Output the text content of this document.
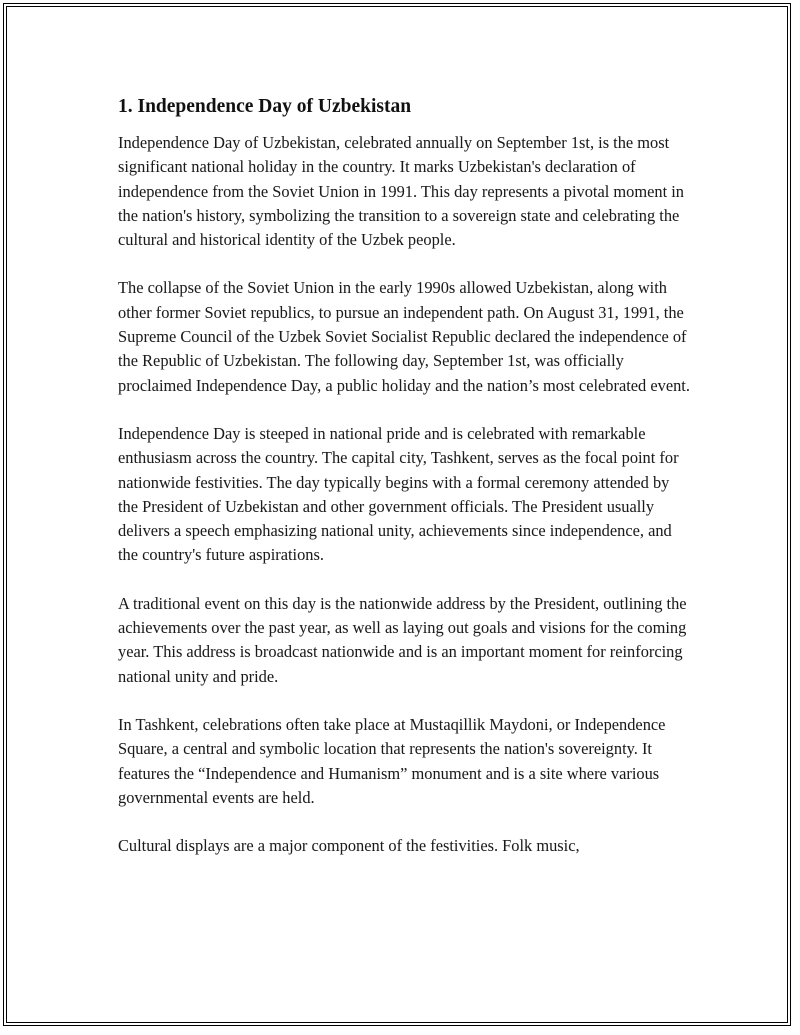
1. Independence Day of Uzbekistan

Independence Day of Uzbekistan, celebrated annually on September 1st, is the most significant national holiday in the country. It marks Uzbekistan's declaration of independence from the Soviet Union in 1991. This day represents a pivotal moment in the nation's history, symbolizing the transition to a sovereign state and celebrating the cultural and historical identity of the Uzbek people.

The collapse of the Soviet Union in the early 1990s allowed Uzbekistan, along with other former Soviet republics, to pursue an independent path. On August 31, 1991, the Supreme Council of the Uzbek Soviet Socialist Republic declared the independence of the Republic of Uzbekistan. The following day, September 1st, was officially proclaimed Independence Day, a public holiday and the nation’s most celebrated event.

Independence Day is steeped in national pride and is celebrated with remarkable enthusiasm across the country. The capital city, Tashkent, serves as the focal point for nationwide festivities. The day typically begins with a formal ceremony attended by the President of Uzbekistan and other government officials. The President usually delivers a speech emphasizing national unity, achievements since independence, and the country's future aspirations.

A traditional event on this day is the nationwide address by the President, outlining the achievements over the past year, as well as laying out goals and visions for the coming year. This address is broadcast nationwide and is an important moment for reinforcing national unity and pride.

In Tashkent, celebrations often take place at Mustaqillik Maydoni, or Independence Square, a central and symbolic location that represents the nation's sovereignty. It features the “Independence and Humanism” monument and is a site where various governmental events are held.

Cultural displays are a major component of the festivities. Folk music,
